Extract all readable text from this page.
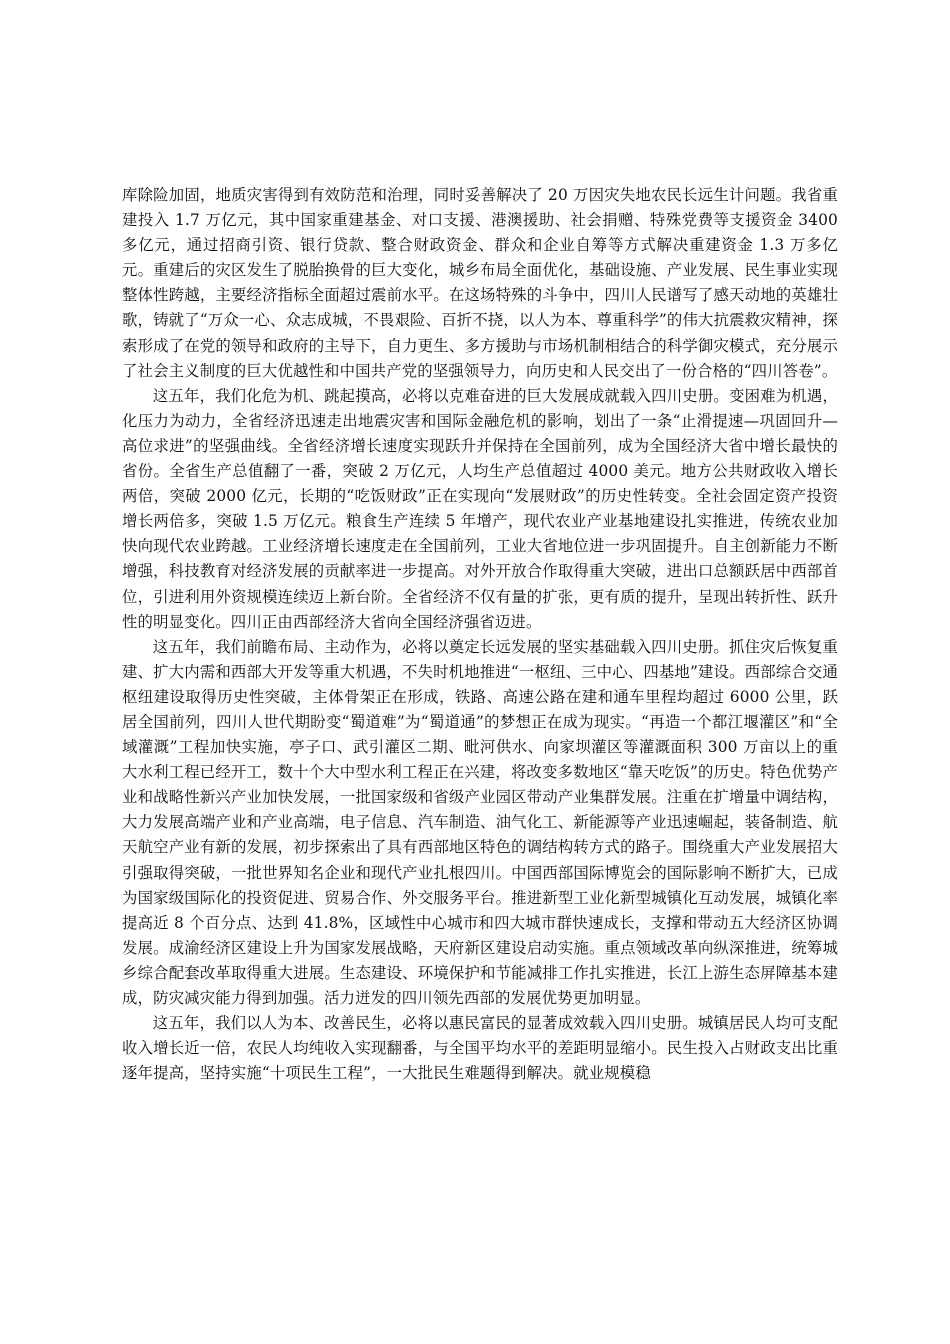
库除险加固，地质灾害得到有效防范和治理，同时妥善解决了 20 万因灾失地农民长远生计问题。我省重建投入 1.7 万亿元，其中国家重建基金、对口支援、港澳援助、社会捐赠、特殊党费等支援资金 3400 多亿元，通过招商引资、银行贷款、整合财政资金、群众和企业自筹等方式解决重建资金 1.3 万多亿元。重建后的灾区发生了脱胎换骨的巨大变化，城乡布局全面优化，基础设施、产业发展、民生事业实现整体性跨越，主要经济指标全面超过震前水平。在这场特殊的斗争中，四川人民谱写了感天动地的英雄壮歌，铸就了“万众一心、众志成城，不畏艰险、百折不挠，以人为本、尊重科学”的伟大抗震救灾精神，探索形成了在党的领导和政府的主导下，自力更生、多方援助与市场机制相结合的科学御灾模式，充分展示了社会主义制度的巨大优越性和中国共产党的坚强领导力，向历史和人民交出了一份合格的“四川答卷”。

这五年，我们化危为机、跳起摸高，必将以克难奋进的巨大发展成就载入四川史册。变困难为机遇，化压力为动力，全省经济迅速走出地震灾害和国际金融危机的影响，划出了一条“止滑提速—巩固回升—高位求进”的坚强曲线。全省经济增长速度实现跃升并保持在全国前列，成为全国经济大省中增长最快的省份。全省生产总值翻了一番，突破 2 万亿元，人均生产总值超过 4000 美元。地方公共财政收入增长两倍，突破 2000 亿元，长期的“吃饭财政”正在实现向“发展财政”的历史性转变。全社会固定资产投资增长两倍多，突破 1.5 万亿元。粮食生产连续 5 年增产，现代农业产业基地建设扎实推进，传统农业加快向现代农业跨越。工业经济增长速度走在全国前列，工业大省地位进一步巩固提升。自主创新能力不断增强，科技教育对经济发展的贡献率进一步提高。对外开放合作取得重大突破，进出口总额跃居中西部首位，引进利用外资规模连续迈上新台阶。全省经济不仅有量的扩张，更有质的提升，呈现出转折性、跃升性的明显变化。四川正由西部经济大省向全国经济强省迈进。

这五年，我们前瞻布局、主动作为，必将以奠定长远发展的坚实基础载入四川史册。抓住灾后恢复重建、扩大内需和西部大开发等重大机遇，不失时机地推进“一枢纽、三中心、四基地”建设。西部综合交通枢纽建设取得历史性突破，主体骨架正在形成，铁路、高速公路在建和通车里程均超过 6000 公里，跃居全国前列，四川人世代期盼变“蜀道难”为“蜀道通”的梦想正在成为现实。“再造一个都江堰灌区”和“全域灌溉”工程加快实施，亭子口、武引灌区二期、毗河供水、向家坝灌区等灌溉面积 300 万亩以上的重大水利工程已经开工，数十个大中型水利工程正在兴建，将改变多数地区“靠天吃饭”的历史。特色优势产业和战略性新兴产业加快发展，一批国家级和省级产业园区带动产业集群发展。注重在扩增量中调结构，大力发展高端产业和产业高端，电子信息、汽车制造、油气化工、新能源等产业迅速崛起，装备制造、航天航空产业有新的发展，初步探索出了具有西部地区特色的调结构转方式的路子。围绕重大产业发展招大引强取得突破，一批世界知名企业和现代产业扎根四川。中国西部国际博览会的国际影响不断扩大，已成为国家级国际化的投资促进、贸易合作、外交服务平台。推进新型工业化新型城镇化互动发展，城镇化率提高近 8 个百分点、达到 41.8%，区域性中心城市和四大城市群快速成长，支撑和带动五大经济区协调发展。成渝经济区建设上升为国家发展战略，天府新区建设启动实施。重点领域改革向纵深推进，统筹城乡综合配套改革取得重大进展。生态建设、环境保护和节能减排工作扎实推进，长江上游生态屏障基本建成，防灾减灾能力得到加强。活力迸发的四川领先西部的发展优势更加明显。

这五年，我们以人为本、改善民生，必将以惠民富民的显著成效载入四川史册。城镇居民人均可支配收入增长近一倍，农民人均纯收入实现翻番，与全国平均水平的差距明显缩小。民生投入占财政支出比重逐年提高，坚持实施“十项民生工程”，一大批民生难题得到解决。就业规模稳
